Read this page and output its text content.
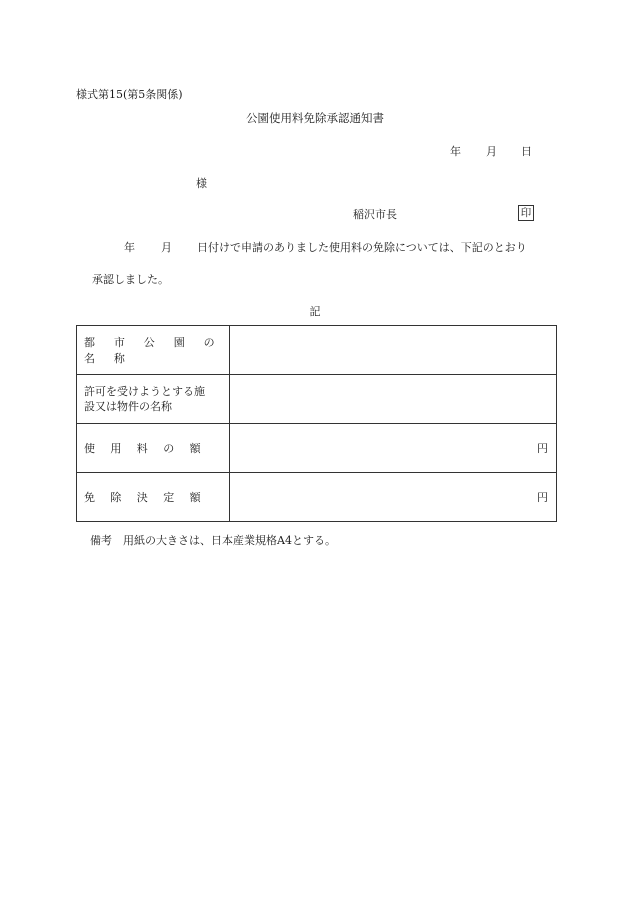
様式第15(第5条関係)
公園使用料免除承認通知書
年 月 日
様
稲沢市長	印
年 月 日付けで申請のありました使用料の免除については、下記のとおり
承認しました。
記
都 市 公 園 の 名 称	

許可を受けようとする施
設又は物件の名称	

使　用　料　の　額	円
免　除　決　定　額	円
備考　用紙の大きさは、日本産業規格A4とする。
